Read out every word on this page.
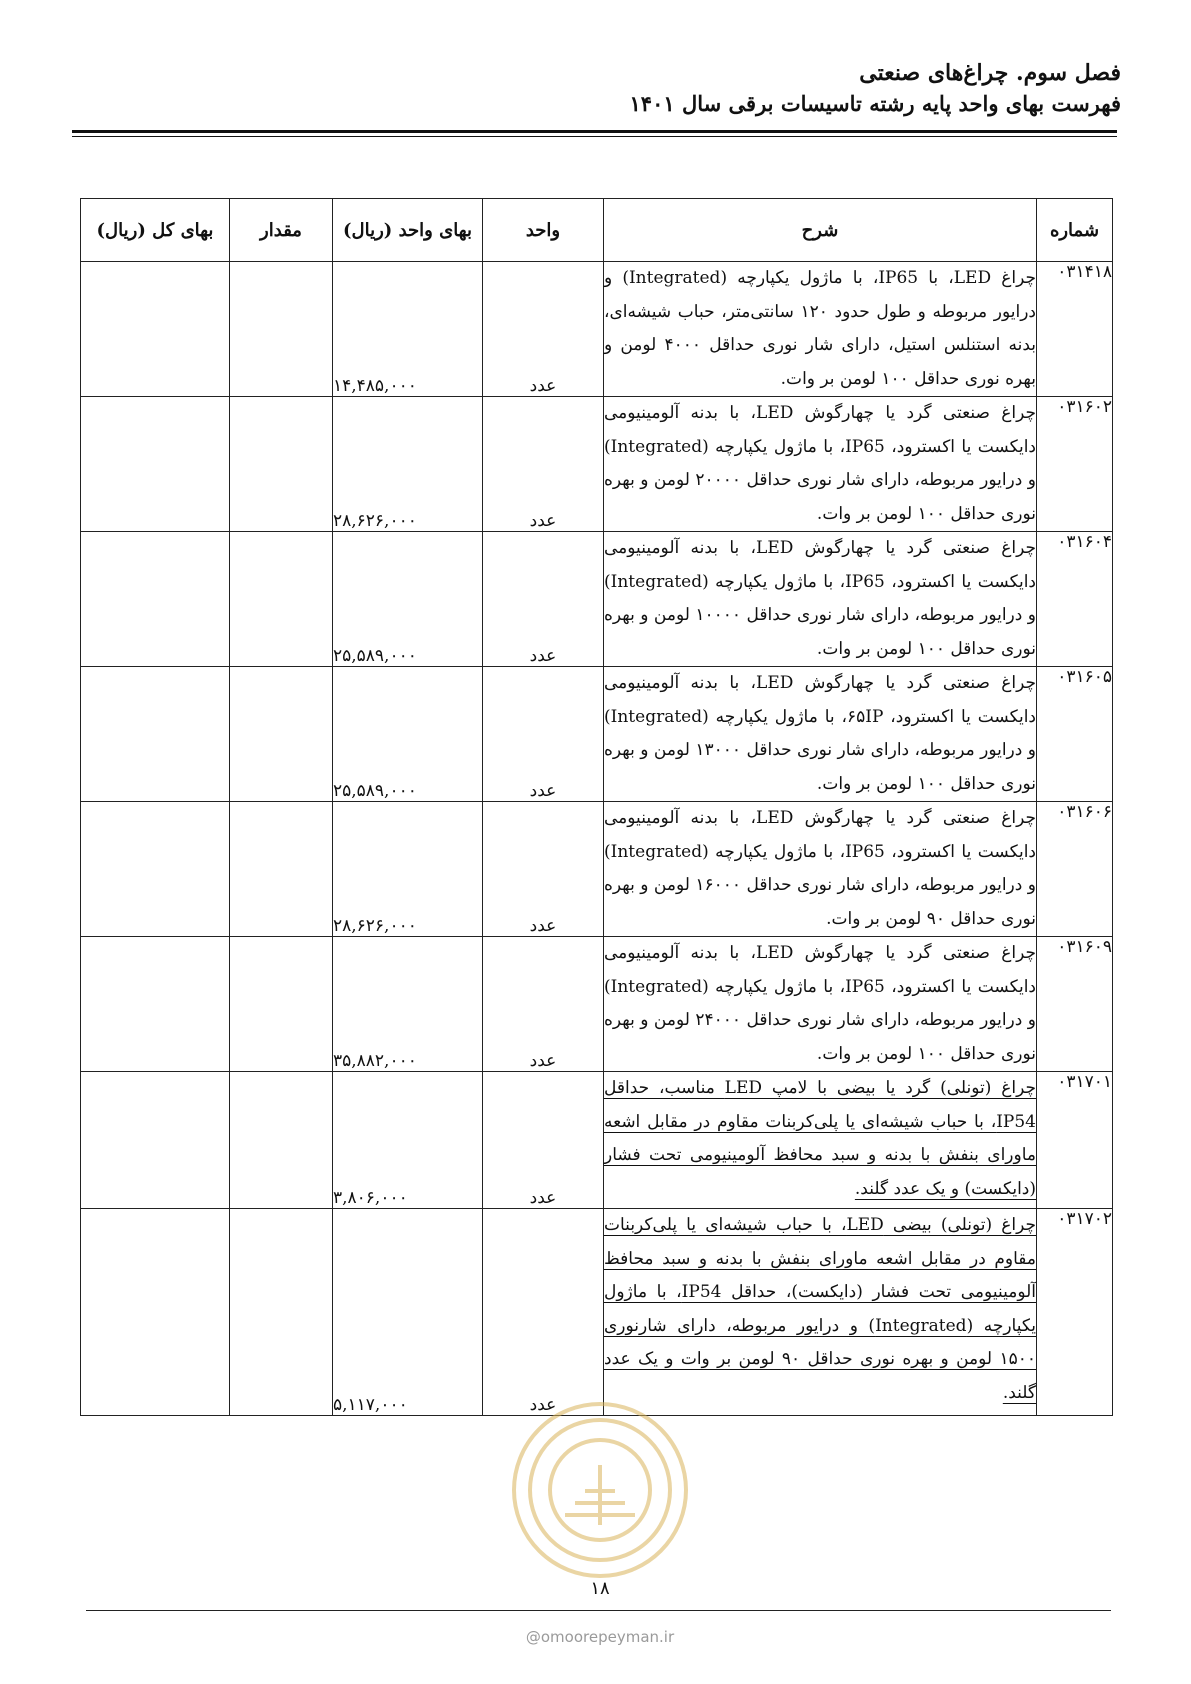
فصل سوم. چراغ‌های صنعتی
فهرست بهای واحد پایه رشته تاسیسات برقی سال ۱۴۰۱
شماره	شرح	واحد	بهای واحد (ریال)	مقدار	بهای کل (ریال)
۰۳۱۴۱۸	چراغ LED، با IP65، با ماژول یکپارچه (Integrated) و درایور مربوطه و طول حدود ۱۲۰ سانتی‌متر، حباب شیشه‌ای، بدنه استنلس استیل، دارای شار نوری حداقل ۴۰۰۰ لومن و بهره نوری حداقل ۱۰۰ لومن بر وات.	عدد	۱۴,۴۸۵,۰۰۰		
۰۳۱۶۰۲	چراغ صنعتی گرد یا چهارگوش LED، با بدنه آلومینیومی دایکست یا اکسترود، IP65، با ماژول یکپارچه (Integrated) و درایور مربوطه، دارای شار نوری حداقل ۲۰۰۰۰ لومن و بهره نوری حداقل ۱۰۰ لومن بر وات.	عدد	۲۸,۶۲۶,۰۰۰		
۰۳۱۶۰۴	چراغ صنعتی گرد یا چهارگوش LED، با بدنه آلومینیومی دایکست یا اکسترود، IP65، با ماژول یکپارچه (Integrated) و درایور مربوطه، دارای شار نوری حداقل ۱۰۰۰۰ لومن و بهره نوری حداقل ۱۰۰ لومن بر وات.	عدد	۲۵,۵۸۹,۰۰۰		
۰۳۱۶۰۵	چراغ صنعتی گرد یا چهارگوش LED، با بدنه آلومینیومی دایکست یا اکسترود، ۶۵IP، با ماژول یکپارچه (Integrated) و درایور مربوطه، دارای شار نوری حداقل ۱۳۰۰۰ لومن و بهره نوری حداقل ۱۰۰ لومن بر وات.	عدد	۲۵,۵۸۹,۰۰۰		
۰۳۱۶۰۶	چراغ صنعتی گرد یا چهارگوش LED، با بدنه آلومینیومی دایکست یا اکسترود، IP65، با ماژول یکپارچه (Integrated) و درایور مربوطه، دارای شار نوری حداقل ۱۶۰۰۰ لومن و بهره نوری حداقل ۹۰ لومن بر وات.	عدد	۲۸,۶۲۶,۰۰۰		
۰۳۱۶۰۹	چراغ صنعتی گرد یا چهارگوش LED، با بدنه آلومینیومی دایکست یا اکسترود، IP65، با ماژول یکپارچه (Integrated) و درایور مربوطه، دارای شار نوری حداقل ۲۴۰۰۰ لومن و بهره نوری حداقل ۱۰۰ لومن بر وات.	عدد	۳۵,۸۸۲,۰۰۰		
۰۳۱۷۰۱	چراغ (تونلی) گرد یا بیضی با لامپ LED مناسب، حداقل IP54، با حباب شیشه‌ای یا پلی‌کربنات مقاوم در مقابل اشعه ماورای بنفش با بدنه و سبد محافظ آلومینیومی تحت فشار (دایکست) و یک عدد گلند.	عدد	۳,۸۰۶,۰۰۰		
۰۳۱۷۰۲	چراغ (تونلی) بیضی LED، با حباب شیشه‌ای یا پلی‌کربنات مقاوم در مقابل اشعه ماورای بنفش با بدنه و سبد محافظ آلومینیومی تحت فشار (دایکست)، حداقل IP54، با ماژول یکپارچه (Integrated) و درایور مربوطه، دارای شارنوری ۱۵۰۰ لومن و بهره نوری حداقل ۹۰ لومن بر وات و یک عدد گلند.	عدد	۵,۱۱۷,۰۰۰		
۱۸
@omoorepeyman.ir
